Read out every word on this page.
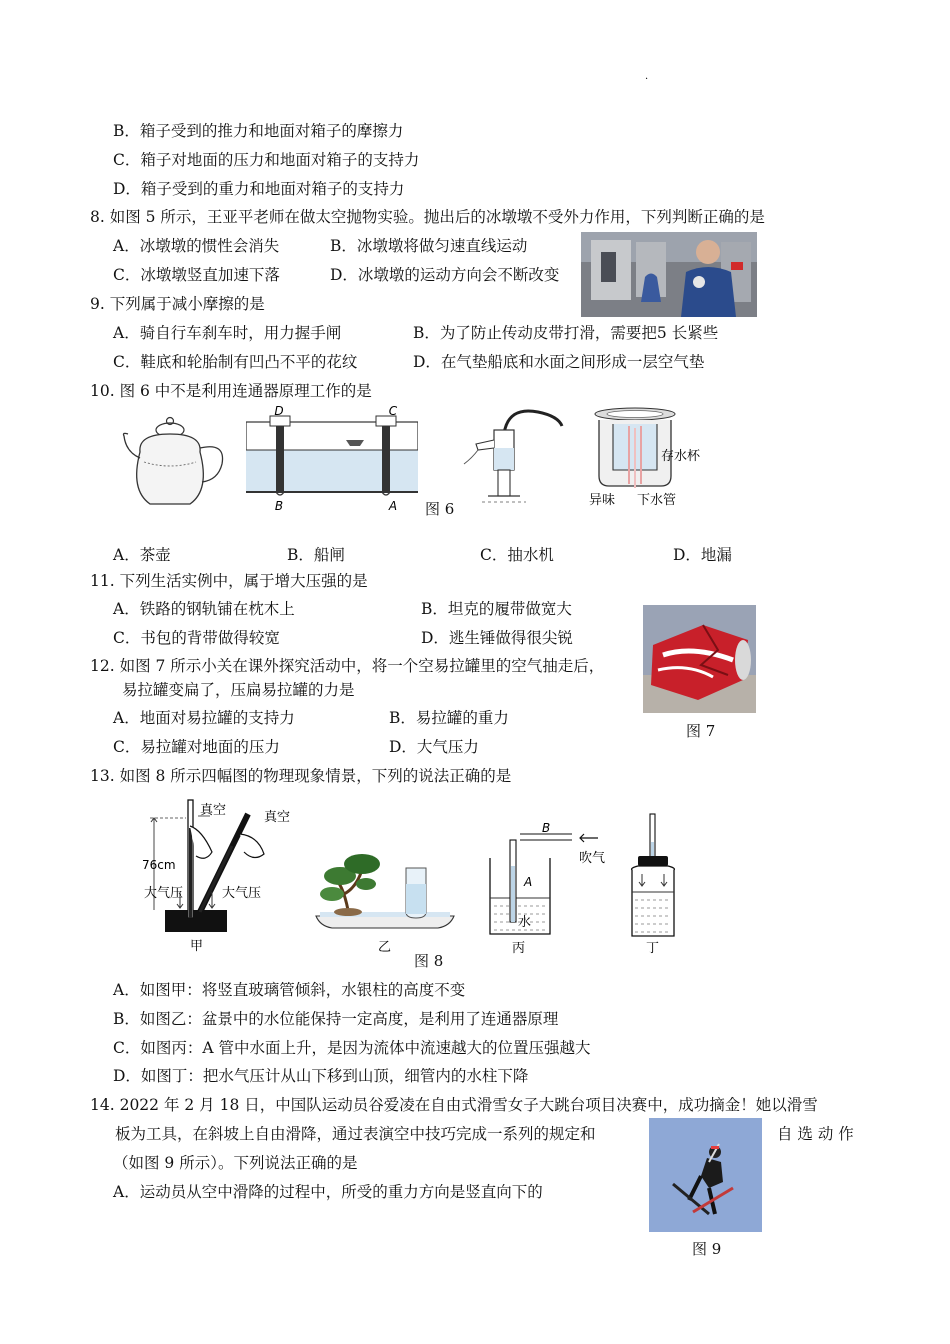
·
B．箱子受到的推力和地面对箱子的摩擦力
C．箱子对地面的压力和地面对箱子的支持力
D．箱子受到的重力和地面对箱子的支持力
8. 如图 5 所示，王亚平老师在做太空抛物实验。抛出后的冰墩墩不受外力作用，下列判断正确的是
A．冰墩墩的惯性会消失	B．冰墩墩将做匀速直线运动
C．冰墩墩竖直加速下落	D．冰墩墩的运动方向会不断改变
9. 下列属于减小摩擦的是
A．骑自行车刹车时，用力握手闸	B．为了防止传动皮带打滑，需要把5 长紧些
C．鞋底和轮胎制有凹凸不平的花纹	D．在气垫船底和水面之间形成一层空气垫
10. 图 6 中不是利用连通器原理工作的是
D	C
B	A 图 6
存水杯
异味 下水管
A．茶壶	B．船闸	C．抽水机	D．地漏
11. 下列生活实例中，属于增大压强的是
A．铁路的钢轨铺在枕木上	B．坦克的履带做宽大
C．书包的背带做得较宽	D．逃生锤做得很尖锐
图 7
12. 如图 7 所示小关在课外探究活动中，将一个空易拉罐里的空气抽走后，
易拉罐变扁了，压扁易拉罐的力是
A．地面对易拉罐的支持力	B．易拉罐的重力
C．易拉罐对地面的压力	D．大气压力
13. 如图 8 所示四幅图的物理现象情景，下列的说法正确的是
真空	真空
76cm
大气压	大气压
甲	乙
B
A
吹气
水
丙	丁
图 8
A．如图甲：将竖直玻璃管倾斜，水银柱的高度不变
B．如图乙：盆景中的水位能保持一定高度，是利用了连通器原理
C．如图丙：A 管中水面上升，是因为流体中流速越大的位置压强越大
D．如图丁：把水气压计从山下移到山顶，细管内的水柱下降
14. 2022 年 2 月 18 日，中国队运动员谷爱凌在自由式滑雪女子大跳台项目决赛中，成功摘金！她以滑雪
板为工具，在斜坡上自由滑降，通过表演空中技巧完成一系列的规定和	自 选 动 作
（如图 9 所示）。下列说法正确的是
A．运动员从空中滑降的过程中，所受的重力方向是竖直向下的
图 9
